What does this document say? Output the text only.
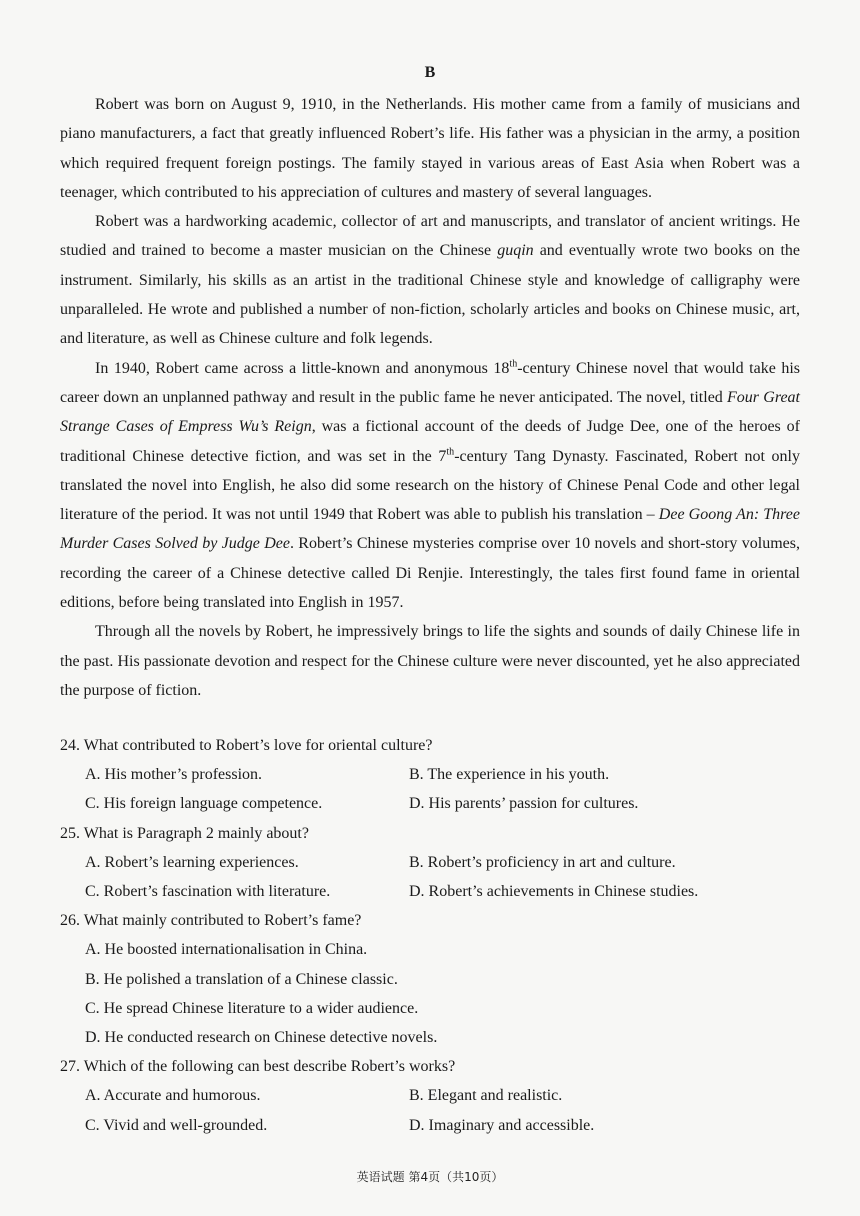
B

Robert was born on August 9, 1910, in the Netherlands. His mother came from a family of musicians and piano manufacturers, a fact that greatly influenced Robert’s life. His father was a physician in the army, a position which required frequent foreign postings. The family stayed in various areas of East Asia when Robert was a teenager, which contributed to his appreciation of cultures and mastery of several languages.

Robert was a hardworking academic, collector of art and manuscripts, and translator of ancient writings. He studied and trained to become a master musician on the Chinese guqin and eventually wrote two books on the instrument. Similarly, his skills as an artist in the traditional Chinese style and knowledge of calligraphy were unparalleled. He wrote and published a number of non-fiction, scholarly articles and books on Chinese music, art, and literature, as well as Chinese culture and folk legends.

In 1940, Robert came across a little-known and anonymous 18th-century Chinese novel that would take his career down an unplanned pathway and result in the public fame he never anticipated. The novel, titled Four Great Strange Cases of Empress Wu’s Reign, was a fictional account of the deeds of Judge Dee, one of the heroes of traditional Chinese detective fiction, and was set in the 7th-century Tang Dynasty. Fascinated, Robert not only translated the novel into English, he also did some research on the history of Chinese Penal Code and other legal literature of the period. It was not until 1949 that Robert was able to publish his translation – Dee Goong An: Three Murder Cases Solved by Judge Dee. Robert’s Chinese mysteries comprise over 10 novels and short-story volumes, recording the career of a Chinese detective called Di Renjie. Interestingly, the tales first found fame in oriental editions, before being translated into English in 1957.

Through all the novels by Robert, he impressively brings to life the sights and sounds of daily Chinese life in the past. His passionate devotion and respect for the Chinese culture were never discounted, yet he also appreciated the purpose of fiction.

24. What contributed to Robert’s love for oriental culture?

A. His mother’s profession.	B. The experience in his youth.
C. His foreign language competence.	D. His parents’ passion for cultures.

25. What is Paragraph 2 mainly about?

A. Robert’s learning experiences.	B. Robert’s proficiency in art and culture.
C. Robert’s fascination with literature.	D. Robert’s achievements in Chinese studies.

26. What mainly contributed to Robert’s fame?

A. He boosted internationalisation in China.
B. He polished a translation of a Chinese classic.
C. He spread Chinese literature to a wider audience.
D. He conducted research on Chinese detective novels.

27. Which of the following can best describe Robert’s works?

A. Accurate and humorous.	B. Elegant and realistic.
C. Vivid and well-grounded.	D. Imaginary and accessible.
英语试题 第4页（共10页）
